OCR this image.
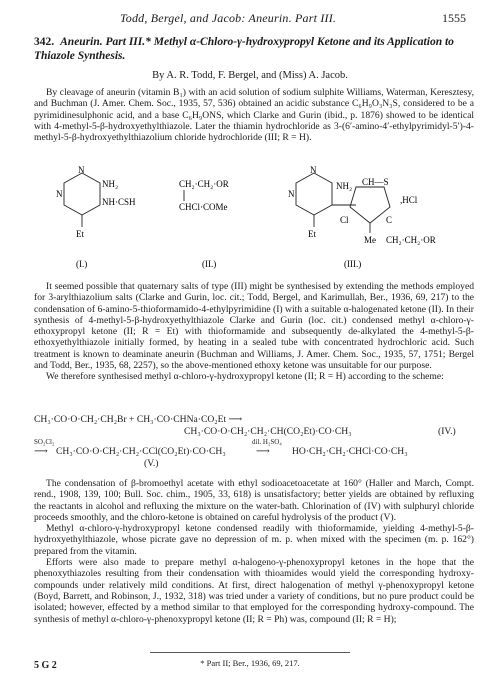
Todd, Bergel, and Jacob: Aneurin. Part III.	1555
342. Aneurin. Part III.* Methyl α-Chloro-γ-hydroxypropyl Ketone and its Application to Thiazole Synthesis.
By A. R. Todd, F. Bergel, and (Miss) A. Jacob.

By cleavage of aneurin (vitamin B₁) with an acid solution of sodium sulphite Williams, Waterman, Keresztesy, and Buchman (J. Amer. Chem. Soc., 1935, 57, 536) obtained an acidic substance C₆H₉O₃N₃S, considered to be a pyrimidinesulphonic acid, and a base C₆H₉ONS, which Clarke and Gurin (ibid., p. 1876) showed to be identical with 4-methyl-5-β-hydroxyethylthiazole. Later the thiamin hydrochloride as 3-(6′-amino-4′-ethylpyrimidyl-5′)-4-methyl-5-β-hydroxyethylthiazolium chloride hydrochloride (III; R = H).

N
N
NH₂
NH·CSH
Et
(I.)
CH₂·CH₂·OR
CHCl·COMe
(II.)
N
N
NH₂
Et
CH—S
,HCl
Cl	C
Me CH₂·CH₂·OR
(III.)

It seemed possible that quaternary salts of type (III) might be synthesised by extending the methods employed for 3-arylthiazolium salts (Clarke and Gurin, loc. cit.; Todd, Bergel, and Karimullah, Ber., 1936, 69, 217) to the condensation of 6-amino-5-thioformamido-4-ethylpyrimidine (I) with a suitable α-halogenated ketone (II). In their synthesis of 4-methyl-5-β-hydroxyethylthiazole Clarke and Gurin (loc. cit.) condensed methyl α-chloro-γ-ethoxypropyl ketone (II; R = Et) with thioformamide and subsequently de-alkylated the 4-methyl-5-β-ethoxyethylthiazole initially formed, by heating in a sealed tube with concentrated hydrochloric acid. Such treatment is known to deaminate aneurin (Buchman and Williams, J. Amer. Chem. Soc., 1935, 57, 1751; Bergel and Todd, Ber., 1935, 68, 2257), so the above-mentioned ethoxy ketone was unsuitable for our purpose.

We therefore synthesised methyl α-chloro-γ-hydroxypropyl ketone (II; R = H) according to the scheme:

CH₃·CO·O·CH₂·CH₂Br + CH₃·CO·CHNa·CO₂Et ⟶
CH₃·CO·O·CH₂·CH₂·CH(CO₂Et)·CO·CH₃	(IV.)
SO₂Cl₂
⟶ CH₃·CO·O·CH₂·CH₂·CCl(CO₂Et)·CO·CH₃
dil. H₂SO₄
⟶ HO·CH₂·CH₂·CHCl·CO·CH₃
(V.)

The condensation of β-bromoethyl acetate with ethyl sodioacetoacetate at 160° (Haller and March, Compt. rend., 1908, 139, 100; Bull. Soc. chim., 1905, 33, 618) is unsatisfactory; better yields are obtained by refluxing the reactants in alcohol and refluxing the mixture on the water-bath. Chlorination of (IV) with sulphuryl chloride proceeds smoothly, and the chloro-ketone is obtained on careful hydrolysis of the product (V).

Methyl α-chloro-γ-hydroxypropyl ketone condensed readily with thioformamide, yielding 4-methyl-5-β-hydroxyethylthiazole, whose picrate gave no depression of m. p. when mixed with the specimen (m. p. 162°) prepared from the vitamin.

Efforts were also made to prepare methyl α-halogeno-γ-phenoxypropyl ketones in the hope that the phenoxythiazoles resulting from their condensation with thioamides would yield the corresponding hydroxy-compounds under relatively mild conditions. At first, direct halogenation of methyl γ-phenoxypropyl ketone (Boyd, Barrett, and Robinson, J., 1932, 318) was tried under a variety of conditions, but no pure product could be isolated; however, effected by a method similar to that employed for the corresponding hydroxy-compound. The synthesis of methyl α-chloro-γ-phenoxypropyl ketone (II; R = Ph) was, compound (II; R = H);

* Part II; Ber., 1936, 69, 217.
5 G 2
